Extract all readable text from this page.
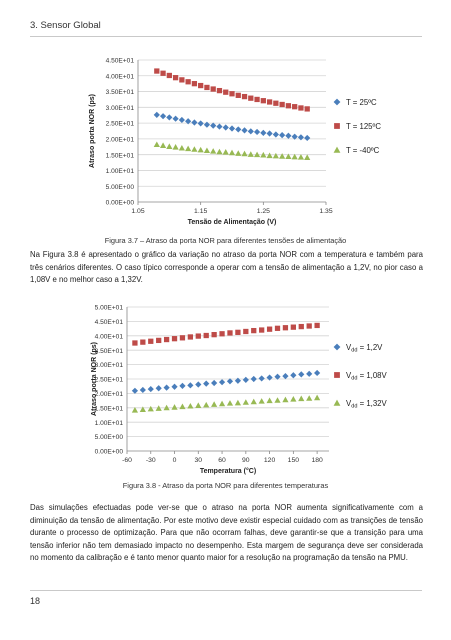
3. Sensor Global
0.00E+00
5.00E+00
1.00E+01
1.50E+01
2.00E+01
2.50E+01
3.00E+01
3.50E+01
4.00E+01
4.50E+01
1.05	1.15	1.25	1.35
Tensão de Alimentação (V)
Atraso porta NOR (ps)	T = 25ºC
T = 125ºC
T = -40ºC
Figura 3.7 – Atraso da porta NOR para diferentes tensões de alimentação

Na Figura 3.8 é apresentado o gráfico da variação no atraso da porta NOR com a temperatura e também para três cenários diferentes. O caso típico corresponde a operar com a tensão de alimentação a 1,2V, no pior caso a 1,08V e no melhor caso a 1,32V.

0.00E+00
5.00E+00
1.00E+01
1.50E+01
2.00E+01
2.50E+01
3.00E+01
3.50E+01
4.00E+01
4.50E+01
5.00E+01
-60 -30 0	30 60 90 120 150 180
Temperatura (°C)
Atraso porta NOR (ps)	$V_{dd} = 1,2V$
$V_{dd} = 1,08V$
$V_{dd} = 1,32V$
Figura 3.8 - Atraso da porta NOR para diferentes temperaturas

Das simulações efectuadas pode ver-se que o atraso na porta NOR aumenta significativamente com a diminuição da tensão de alimentação. Por este motivo deve existir especial cuidado com as transições de tensão durante o processo de optimização. Para que não ocorram falhas, deve garantir-se que a transição para uma tensão inferior não tem demasiado impacto no desempenho. Esta margem de segurança deve ser considerada no momento da calibração e é tanto menor quanto maior for a resolução na programação da tensão na PMU.

18
